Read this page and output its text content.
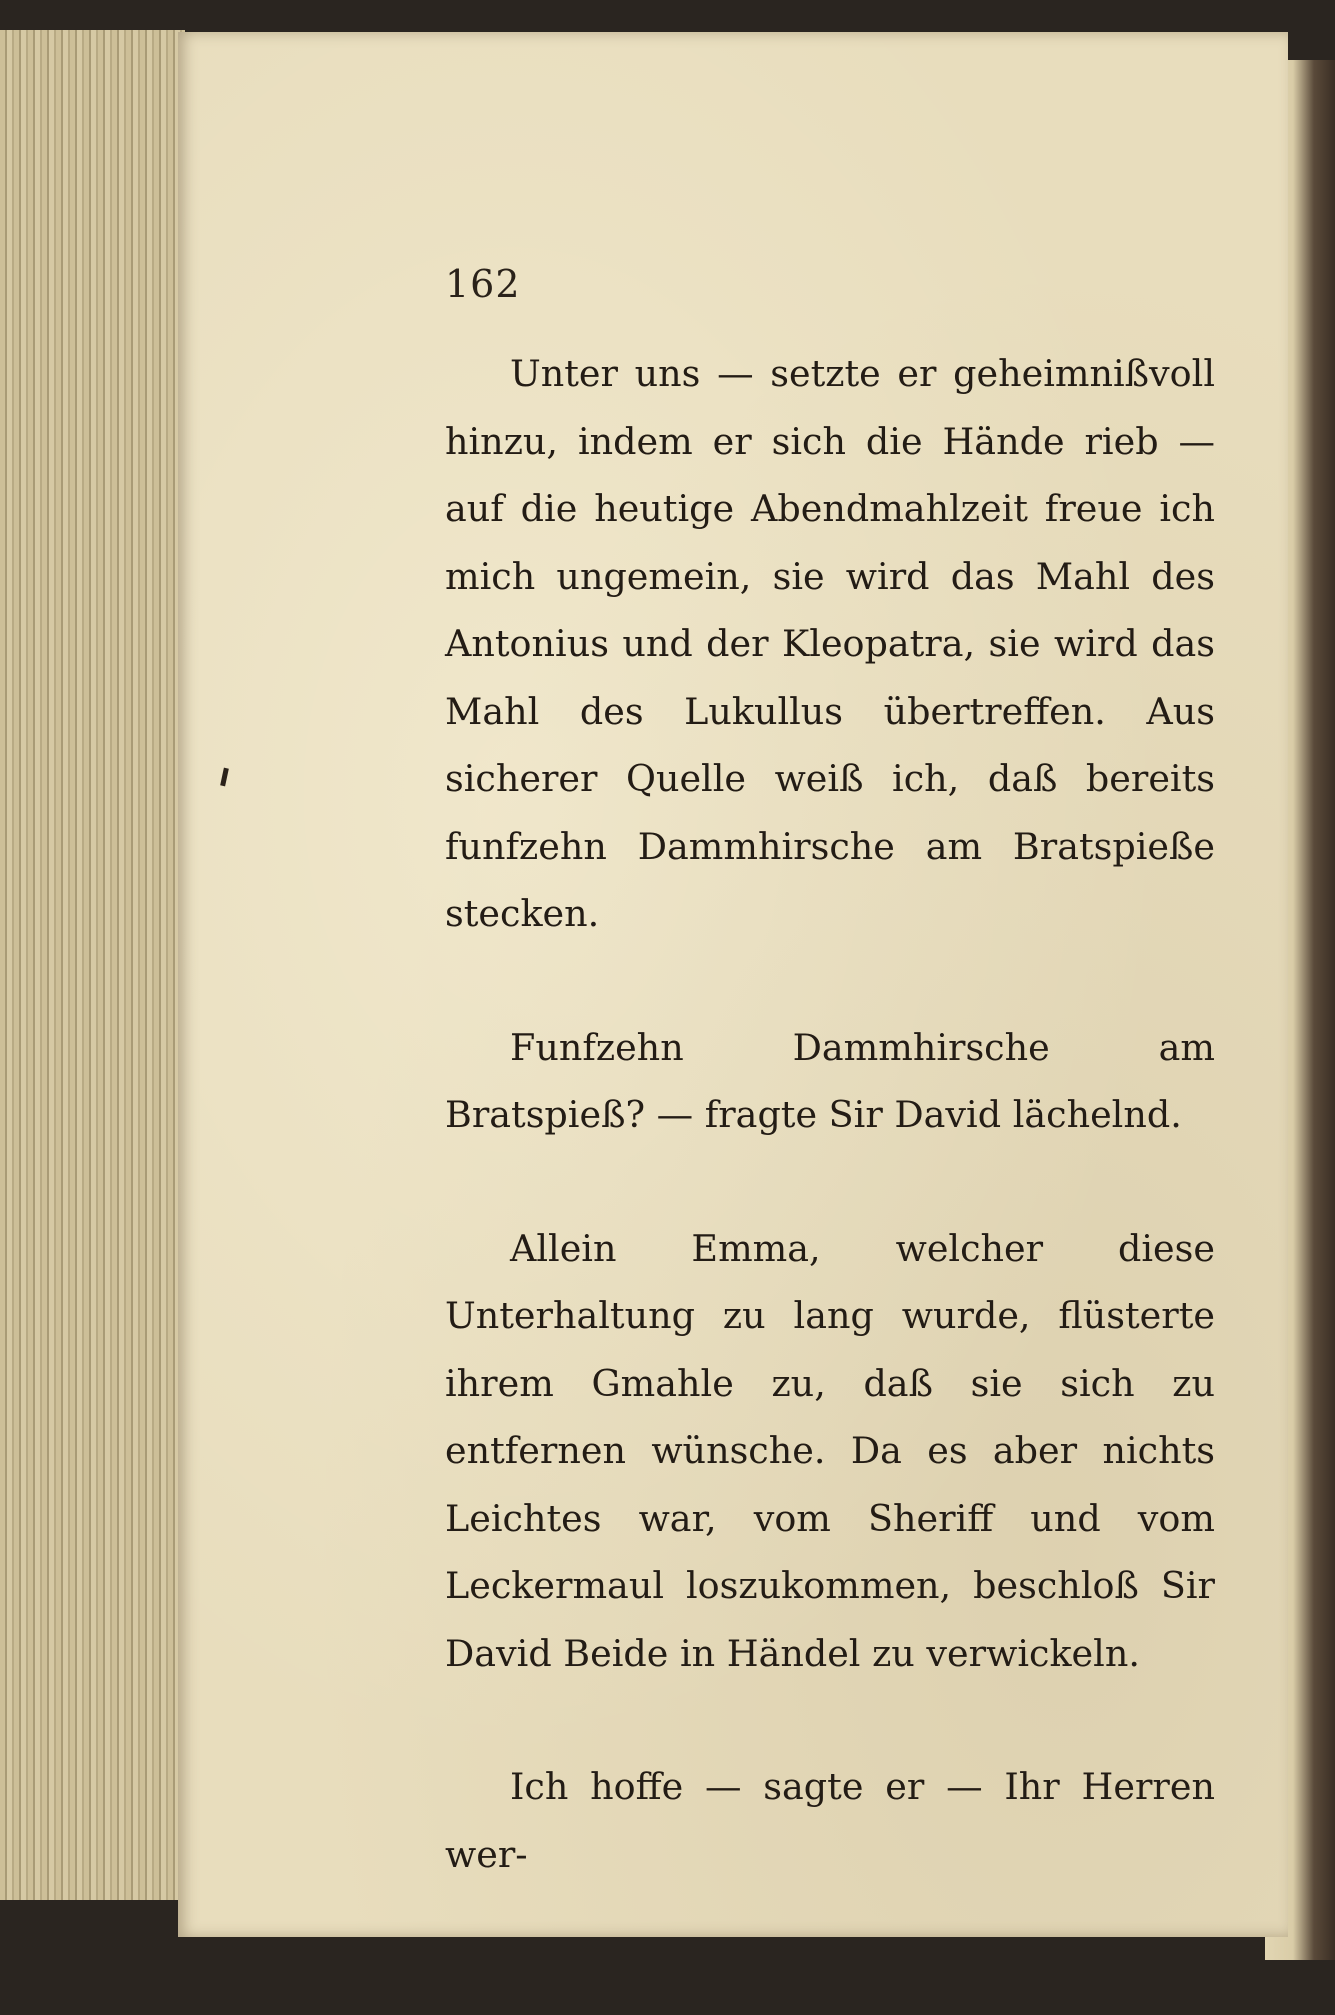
162

Unter uns — setzte er geheimnißvoll hinzu, indem er sich die Hände rieb — auf die heutige Abendmahlzeit freue ich mich ungemein, sie wird das Mahl des Antonius und der Kleopatra, sie wird das Mahl des Lukullus übertreffen. Aus sicherer Quelle weiß ich, daß bereits funfzehn Dammhirsche am Bratspieße stecken.

Funfzehn Dammhirsche am Bratspieß? — fragte Sir David lächelnd.

Allein Emma, welcher diese Unterhaltung zu lang wurde, flüsterte ihrem Gmahle zu, daß sie sich zu entfernen wünsche. Da es aber nichts Leichtes war, vom Sheriff und vom Leckermaul loszukommen, beschloß Sir David Beide in Händel zu verwickeln.

Ich hoffe — sagte er — Ihr Herren wer-
